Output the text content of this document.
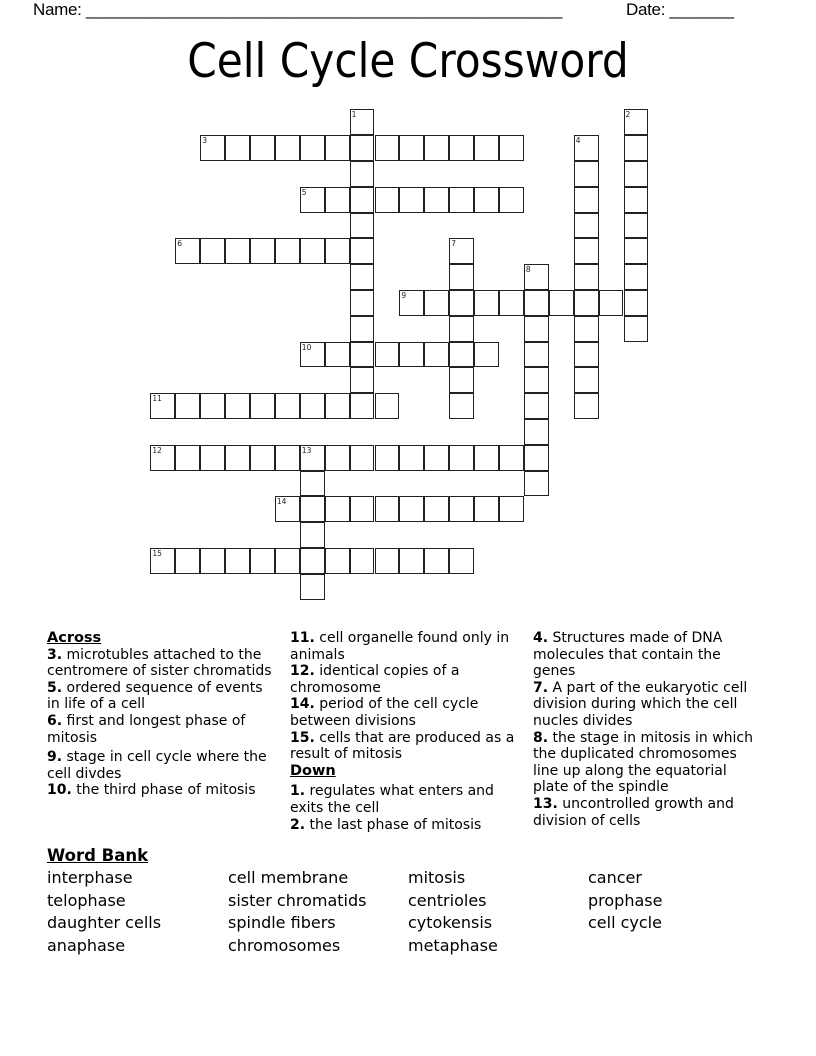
Name: ____________________________________________________	Date: _______
Cell Cycle Crossword
1	2
3	4
5
6	7
8
9
10
11
12	13
14
15
Across
3. microtubles attached to the centromere of sister chromatids
5. ordered sequence of events in life of a cell
6. first and longest phase of mitosis
9. stage in cell cycle where the cell divdes
10. the third phase of mitosis
11. cell organelle found only in animals
12. identical copies of a chromosome
14. period of the cell cycle between divisions
15. cells that are produced as a result of mitosis
Down
1. regulates what enters and exits the cell
2. the last phase of mitosis
4. Structures made of DNA molecules that contain the genes
7. A part of the eukaryotic cell division during which the cell nucles divides
8. the stage in mitosis in which the duplicated chromosomes line up along the equatorial plate of the spindle
13. uncontrolled growth and division of cells
Word Bank
interphase
telophase
daughter cells
anaphase
cell membrane
sister chromatids
spindle fibers
chromosomes
mitosis
centrioles
cytokensis
metaphase
cancer
prophase
cell cycle
